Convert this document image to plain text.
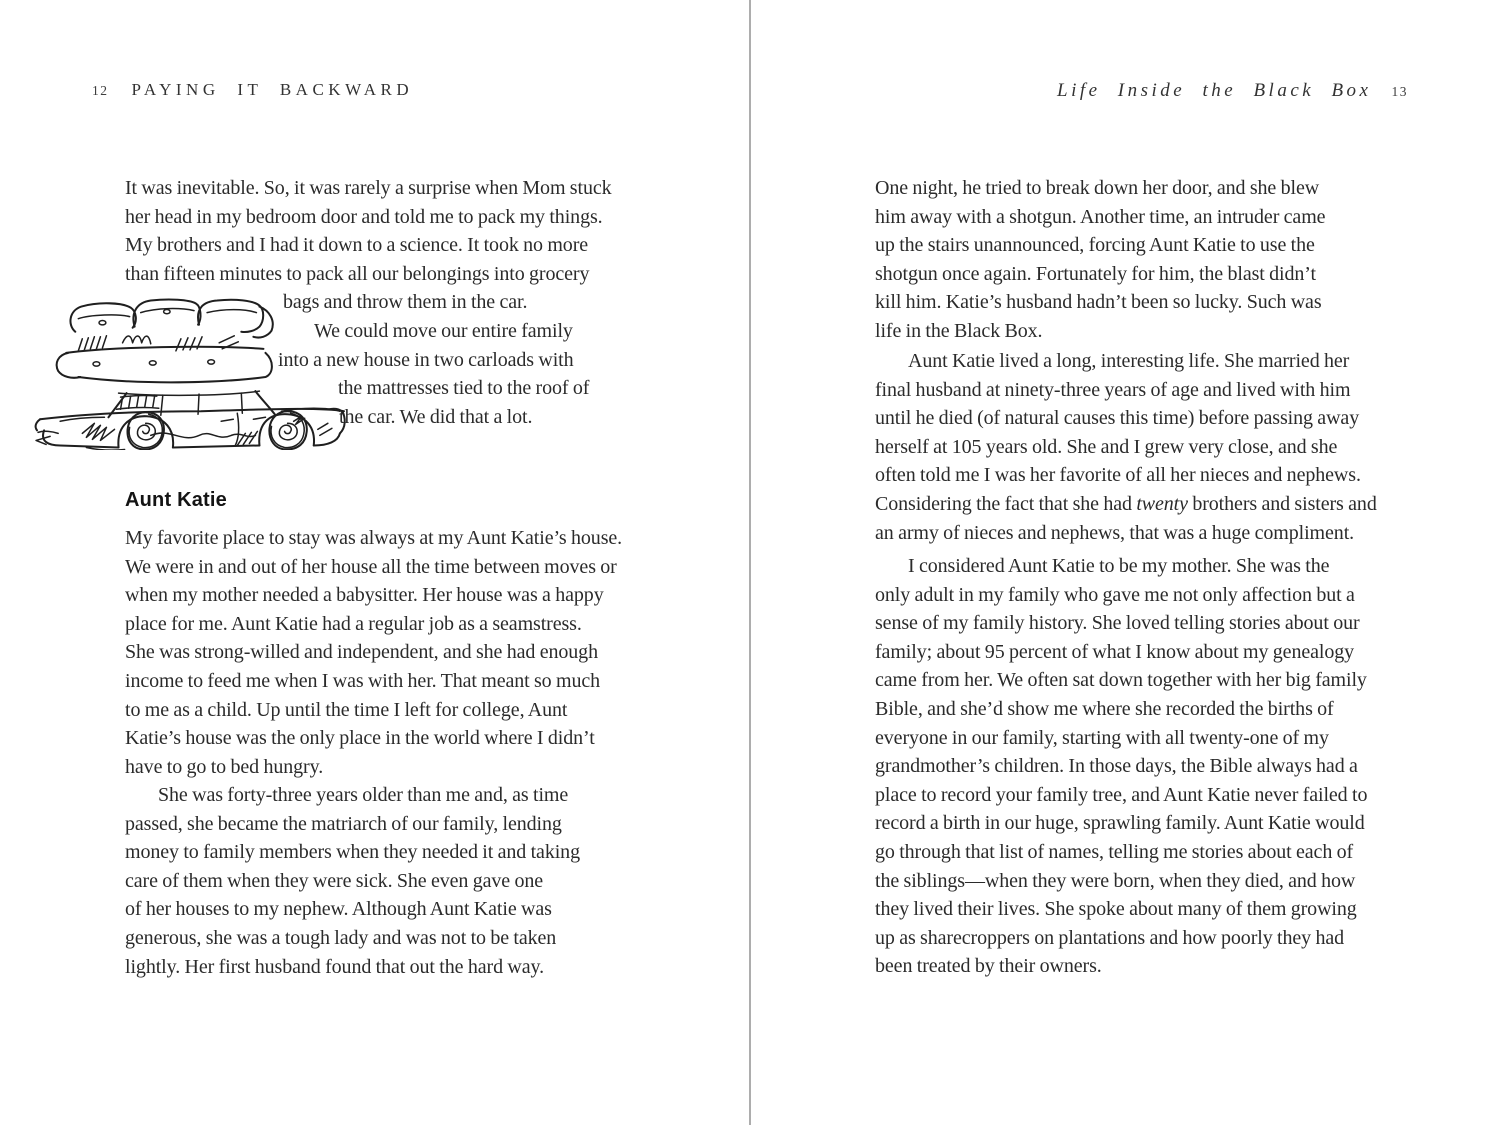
12 PAYING IT BACKWARD	Life Inside the Black Box 13
It was inevitable. So, it was rarely a surprise when Mom stuck
her head in my bedroom door and told me to pack my things.
My brothers and I had it down to a science. It took no more
than fifteen minutes to pack all our belongings into grocery
bags and throw them in the car.
We could move our entire family
into a new house in two carloads with
the mattresses tied to the roof of
the car. We did that a lot.
Aunt Katie
My favorite place to stay was always at my Aunt Katie’s house.
We were in and out of her house all the time between moves or
when my mother needed a babysitter. Her house was a happy
place for me. Aunt Katie had a regular job as a seamstress.
She was strong-willed and independent, and she had enough
income to feed me when I was with her. That meant so much
to me as a child. Up until the time I left for college, Aunt
Katie’s house was the only place in the world where I didn’t
have to go to bed hungry.
She was forty-three years older than me and, as time
passed, she became the matriarch of our family, lending
money to family members when they needed it and taking
care of them when they were sick. She even gave one
of her houses to my nephew. Although Aunt Katie was
generous, she was a tough lady and was not to be taken
lightly. Her first husband found that out the hard way.
One night, he tried to break down her door, and she blew
him away with a shotgun. Another time, an intruder came
up the stairs unannounced, forcing Aunt Katie to use the
shotgun once again. Fortunately for him, the blast didn’t
kill him. Katie’s husband hadn’t been so lucky. Such was
life in the Black Box.
Aunt Katie lived a long, interesting life. She married her
final husband at ninety-three years of age and lived with him
until he died (of natural causes this time) before passing away
herself at 105 years old. She and I grew very close, and she
often told me I was her favorite of all her nieces and nephews.
Considering the fact that she had twenty brothers and sisters and
an army of nieces and nephews, that was a huge compliment.
I considered Aunt Katie to be my mother. She was the
only adult in my family who gave me not only affection but a
sense of my family history. She loved telling stories about our
family; about 95 percent of what I know about my genealogy
came from her. We often sat down together with her big family
Bible, and she’d show me where she recorded the births of
everyone in our family, starting with all twenty-one of my
grandmother’s children. In those days, the Bible always had a
place to record your family tree, and Aunt Katie never failed to
record a birth in our huge, sprawling family. Aunt Katie would
go through that list of names, telling me stories about each of
the siblings—when they were born, when they died, and how
they lived their lives. She spoke about many of them growing
up as sharecroppers on plantations and how poorly they had
been treated by their owners.
